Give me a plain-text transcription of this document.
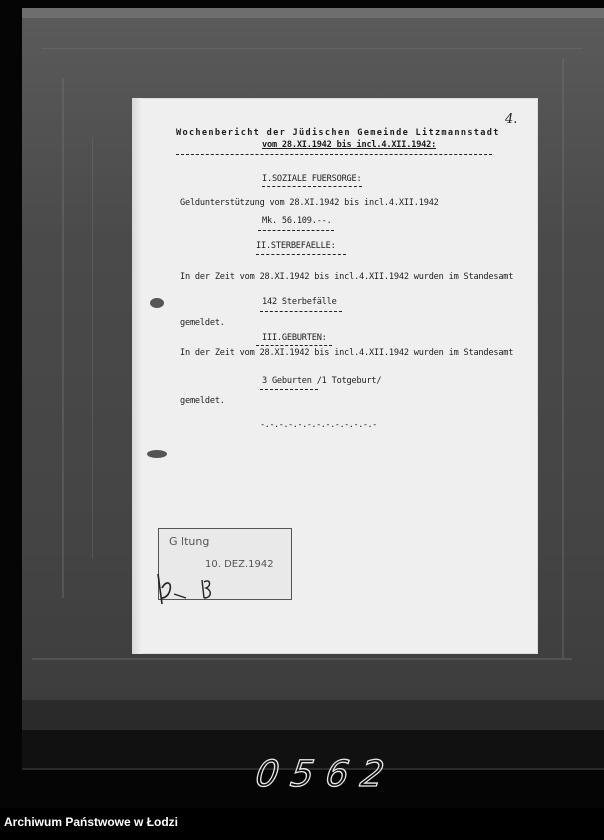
4.
Wochenbericht der Jüdischen Gemeinde Litzmannstadt
vom 28.XI.1942 bis incl.4.XII.1942:
I.SOZIALE FUERSORGE:
Geldunterstützung vom 28.XI.1942 bis incl.4.XII.1942
Mk. 56.109.--.
II.STERBEFAELLE:
In der Zeit vom 28.XI.1942 bis incl.4.XII.1942 wurden im Standesamt
142 Sterbefälle
gemeldet.
III.GEBURTEN:
In der Zeit vom 28.XI.1942 bis incl.4.XII.1942 wurden im Standesamt
3 Geburten /1 Totgeburt/
gemeldet.
-.-.-.-.-.-.-.-.-.-.-.-.-
G ltung
10. DEZ.1942
0562
Archiwum Państwowe w Łodzi
